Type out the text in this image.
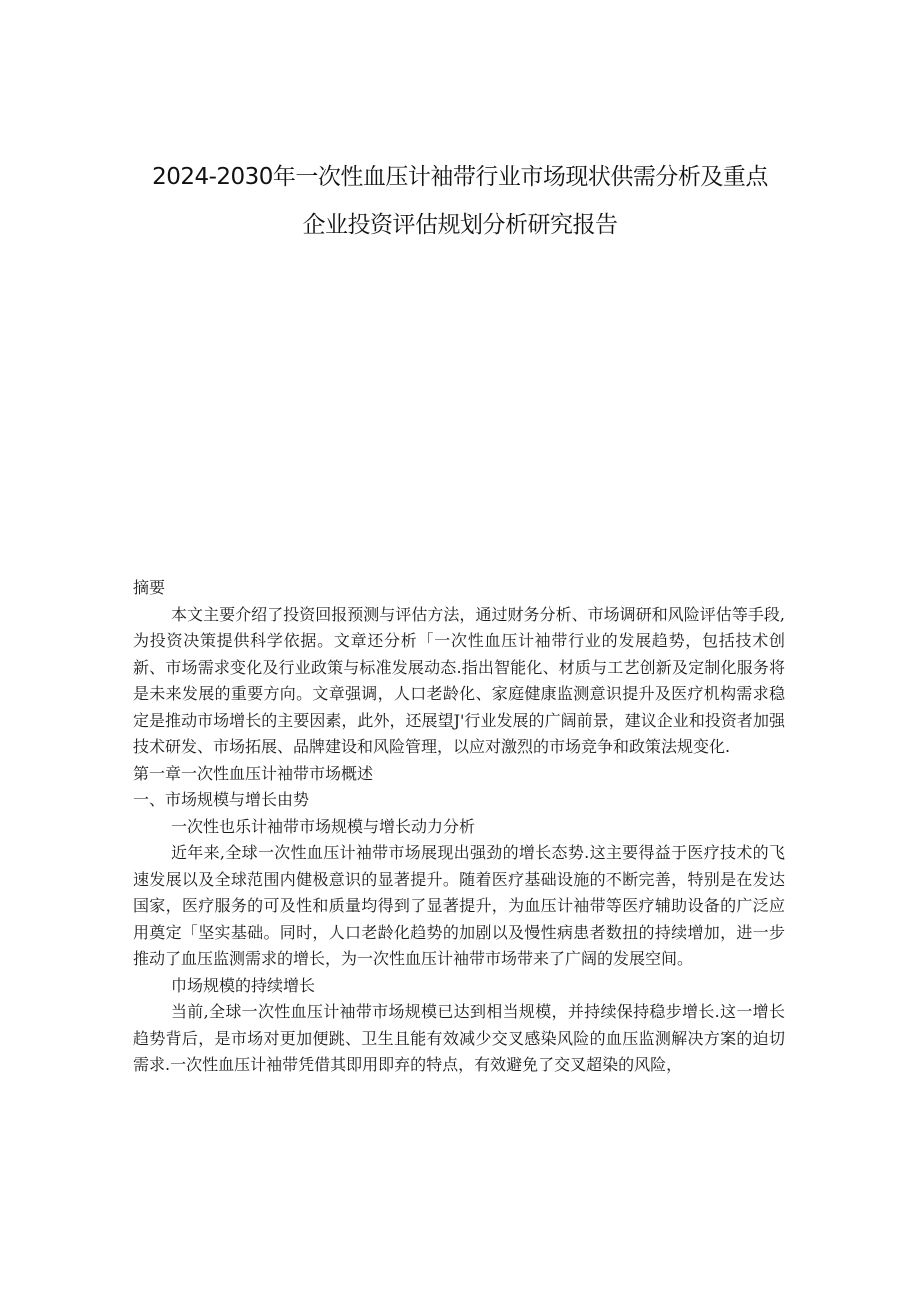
2024-2030年一次性血压计袖带行业市场现状供需分析及重点
企业投资评估规划分析研究报告

摘要

本文主要介绍了投资回报预测与评估方法，通过财务分析、市场调研和风险评估等手段,为投资决策提供科学依据。文章还分析「一次性血压计袖带行业的发展趋势，包括技术创新、市场需求变化及行业政策与标准发展动态.指出智能化、材质与工艺创新及定制化服务将是未来发展的重要方向。文章强调，人口老龄化、家庭健康监测意识提升及医疗机构需求稳定是推动市场增长的主要因素，此外，还展望J'行业发展的广阔前景，建议企业和投资者加强技术研发、市场拓展、品牌建设和风险管理，以应对激烈的市场竞争和政策法规变化.

第一章一次性血压计袖带市场概述

一、市场规模与增长由势

一次性也乐计袖带市场规模与增长动力分析

近年来,全球一次性血压计袖带市场展现出强劲的增长态势.这主要得益于医疗技术的飞速发展以及全球范围内健极意识的显著提升。随着医疗基础设施的不断完善，特别是在发达国家，医疗服务的可及性和质量均得到了显著提升，为血压计袖带等医疗辅助设备的广泛应用奠定「坚实基础。同时，人口老龄化趋势的加剧以及慢性病患者数扭的持续增加，进一步推动了血压监测需求的增长，为一次性血压计袖带市场带来了广阔的发展空间。

巾场规模的持续增长

当前,全球一次性血压计袖带市场规模已达到相当规模，并持续保持稳步增长.这一增长趋势背后，是市场对更加便跳、卫生且能有效减少交叉感染风险的血压监测解决方案的迫切需求.一次性血压计袖带凭借其即用即弃的特点，有效避免了交叉超染的风险，
